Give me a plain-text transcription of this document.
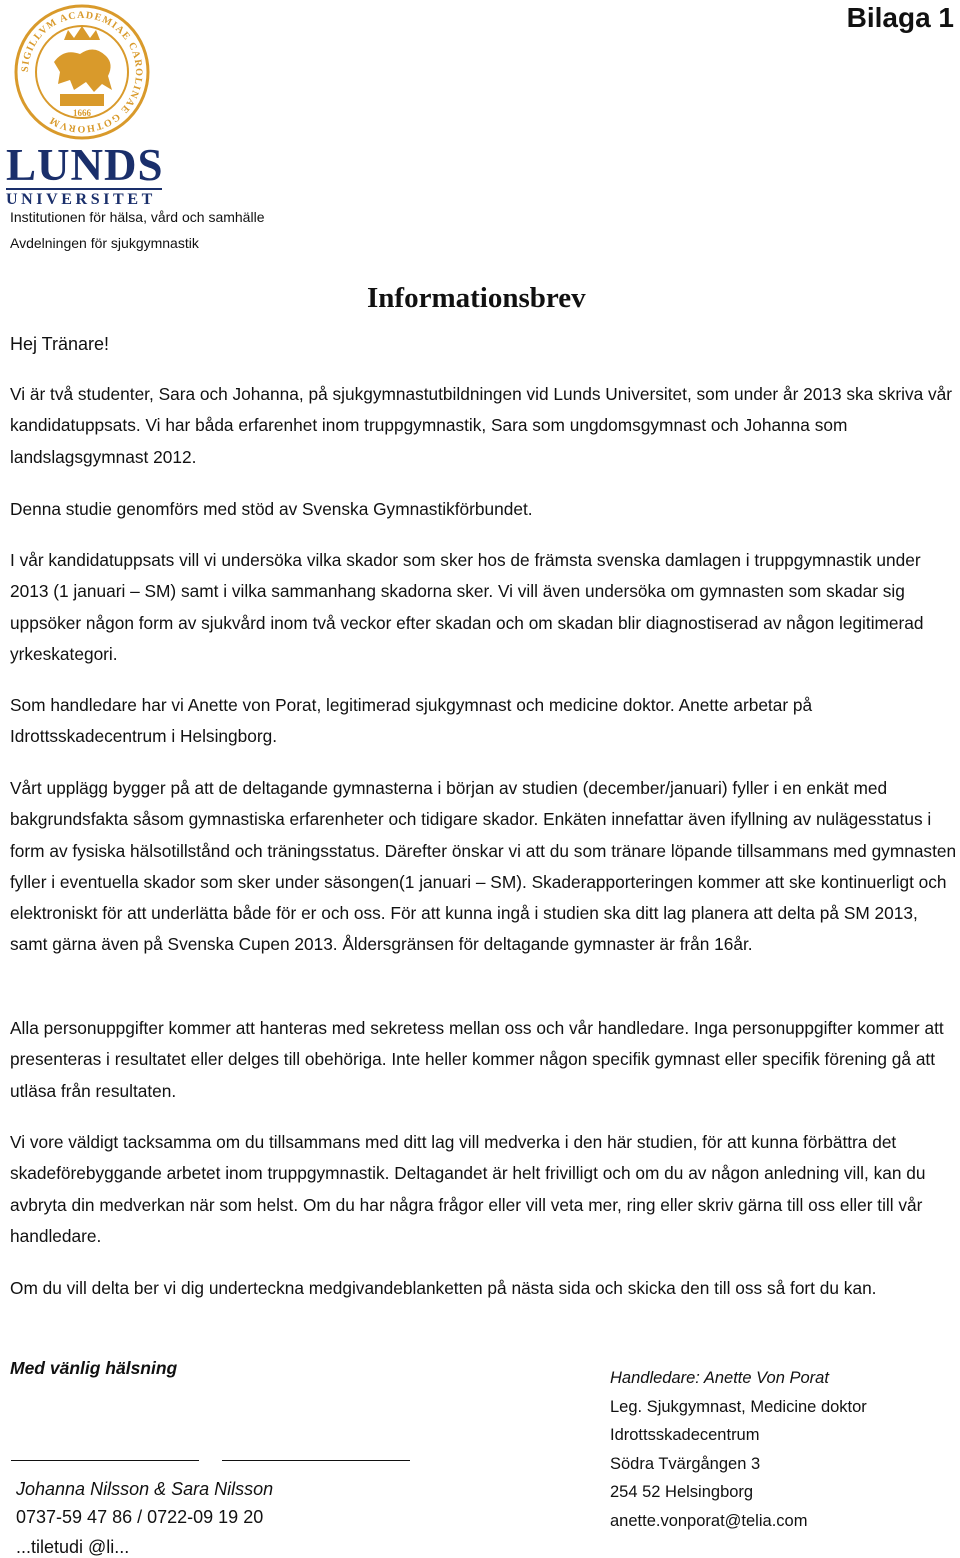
Bilaga 1

SIGILLVM ACADEMIAE CAROLINAE GOTHORVM
1666
LUNDS
UNIVERSITET

Institutionen för hälsa, vård och samhälle

Avdelningen för sjukgymnastik

Informationsbrev

Hej Tränare!

Vi är två studenter, Sara och Johanna, på sjukgymnastutbildningen vid Lunds Universitet, som under år 2013 ska skriva vår kandidatuppsats. Vi har båda erfarenhet inom truppgymnastik, Sara som ungdomsgymnast och Johanna som landslagsgymnast 2012.

Denna studie genomförs med stöd av Svenska Gymnastikförbundet.

I vår kandidatuppsats vill vi undersöka vilka skador som sker hos de främsta svenska damlagen i truppgymnastik under 2013 (1 januari – SM) samt i vilka sammanhang skadorna sker. Vi vill även undersöka om gymnasten som skadar sig uppsöker någon form av sjukvård inom två veckor efter skadan och om skadan blir diagnostiserad av någon legitimerad yrkeskategori.

Som handledare har vi Anette von Porat, legitimerad sjukgymnast och medicine doktor. Anette arbetar på Idrottsskadecentrum i Helsingborg.

Vårt upplägg bygger på att de deltagande gymnasterna i början av studien (december/januari) fyller i en enkät med bakgrundsfakta såsom gymnastiska erfarenheter och tidigare skador. Enkäten innefattar även ifyllning av nulägesstatus i form av fysiska hälsotillstånd och träningsstatus. Därefter önskar vi att du som tränare löpande tillsammans med gymnasten fyller i eventuella skador som sker under säsongen(1 januari – SM). Skaderapporteringen kommer att ske kontinuerligt och elektroniskt för att underlätta både för er och oss. För att kunna ingå i studien ska ditt lag planera att delta på SM 2013, samt gärna även på Svenska Cupen 2013. Åldersgränsen för deltagande gymnaster är från 16år.

Alla personuppgifter kommer att hanteras med sekretess mellan oss och vår handledare. Inga personuppgifter kommer att presenteras i resultatet eller delges till obehöriga. Inte heller kommer någon specifik gymnast eller specifik förening gå att utläsa från resultaten.

Vi vore väldigt tacksamma om du tillsammans med ditt lag vill medverka i den här studien, för att kunna förbättra det skadeförebyggande arbetet inom truppgymnastik. Deltagandet är helt frivilligt och om du av någon anledning vill, kan du avbryta din medverkan när som helst. Om du har några frågor eller vill veta mer, ring eller skriv gärna till oss eller till vår handledare.

Om du vill delta ber vi dig underteckna medgivandeblanketten på nästa sida och skicka den till oss så fort du kan.

Med vänlig hälsning

Johanna Nilsson & Sara Nilsson

0737-59 47 86 / 0722-09 19 20

...tiletudi @li...

Handledare: Anette Von Porat

Leg. Sjukgymnast, Medicine doktor

Idrottsskadecentrum

Södra Tvärgången 3

254 52 Helsingborg

anette.vonporat@telia.com
